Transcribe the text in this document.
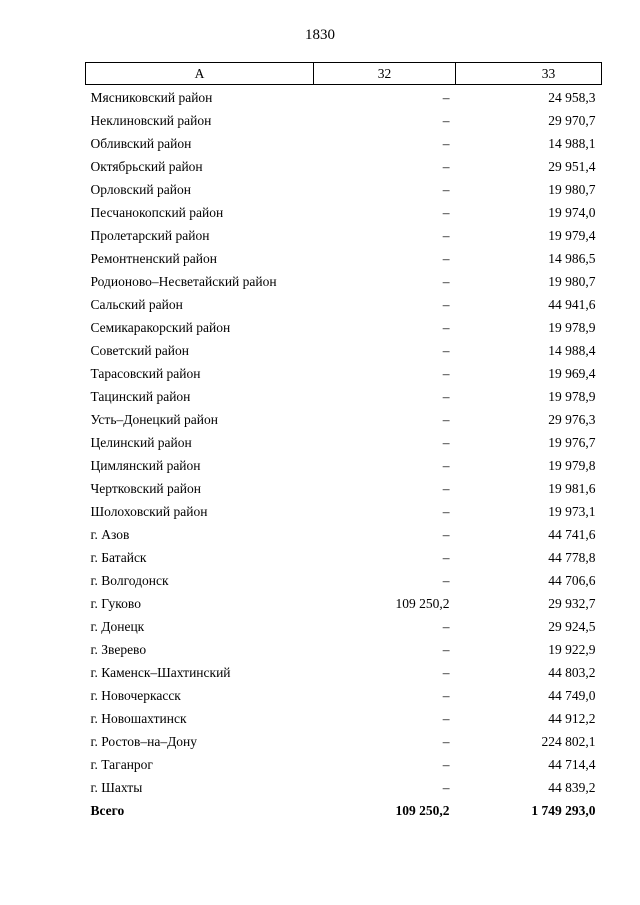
1830
А	32	33
Мясниковский район	–	24 958,3
Неклиновский район	–	29 970,7
Обливский район	–	14 988,1
Октябрьский район	–	29 951,4
Орловский район	–	19 980,7
Песчанокопский район	–	19 974,0
Пролетарский район	–	19 979,4
Ремонтненский район	–	14 986,5
Родионово–Несветайский район	–	19 980,7
Сальский район	–	44 941,6
Семикаракорский район	–	19 978,9
Советский район	–	14 988,4
Тарасовский район	–	19 969,4
Тацинский район	–	19 978,9
Усть–Донецкий район	–	29 976,3
Целинский район	–	19 976,7
Цимлянский район	–	19 979,8
Чертковский район	–	19 981,6
Шолоховский район	–	19 973,1
г. Азов	–	44 741,6
г. Батайск	–	44 778,8
г. Волгодонск	–	44 706,6
г. Гуково	109 250,2	29 932,7
г. Донецк	–	29 924,5
г. Зверево	–	19 922,9
г. Каменск–Шахтинский	–	44 803,2
г. Новочеркасск	–	44 749,0
г. Новошахтинск	–	44 912,2
г. Ростов–на–Дону	–	224 802,1
г. Таганрог	–	44 714,4
г. Шахты	–	44 839,2
Всего	109 250,2	1 749 293,0
